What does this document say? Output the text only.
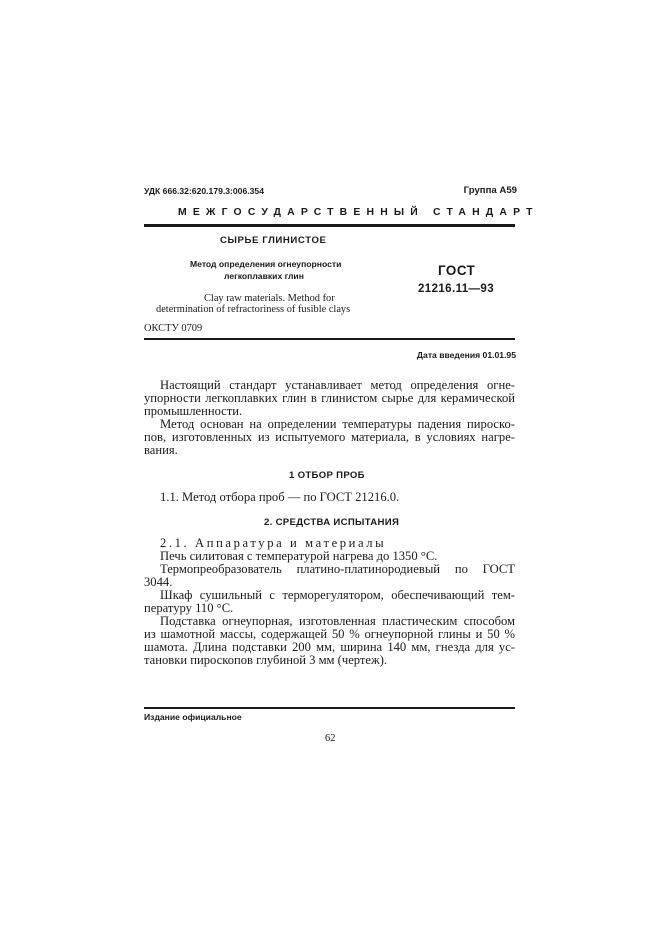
УДК 666.32:620.179.3:006.354	Группа А59
МЕЖГОСУДАРСТВЕННЫЙ СТАНДАРТ
СЫРЬЕ ГЛИНИСТОЕ
Метод определения огнеупорности
легкоплавких глин
Clay raw materials. Method for
determination of refractoriness of fusible clays
ГОСТ
21216.11—93
ОКСТУ 0709
Дата введения 01.01.95
Настоящий стандарт устанавливает метод определения огне-
упорности легкоплавких глин в глинистом сырье для керамической
промышленности.
Метод основан на определении температуры падения пироско-
пов, изготовленных из испытуемого материала, в условиях нагре-
вания.
1 ОТБОР ПРОБ
1.1. Метод отбора проб — по ГОСТ 21216.0.
2. СРЕДСТВА ИСПЫТАНИЯ
2.1. Аппаратура и материалы
Печь силитовая с температурой нагрева до 1350 °С.
Термопреобразователь платино-платинородиевый по ГОСТ
3044.
Шкаф сушильный с терморегулятором, обеспечивающий тем-
пературу 110 °С.
Подставка огнеупорная, изготовленная пластическим способом
из шамотной массы, содержащей 50 % огнеупорной глины и 50 %
шамота. Длина подставки 200 мм, ширина 140 мм, гнезда для ус-
тановки пироскопов глубиной 3 мм (чертеж).
Издание официальное
62
